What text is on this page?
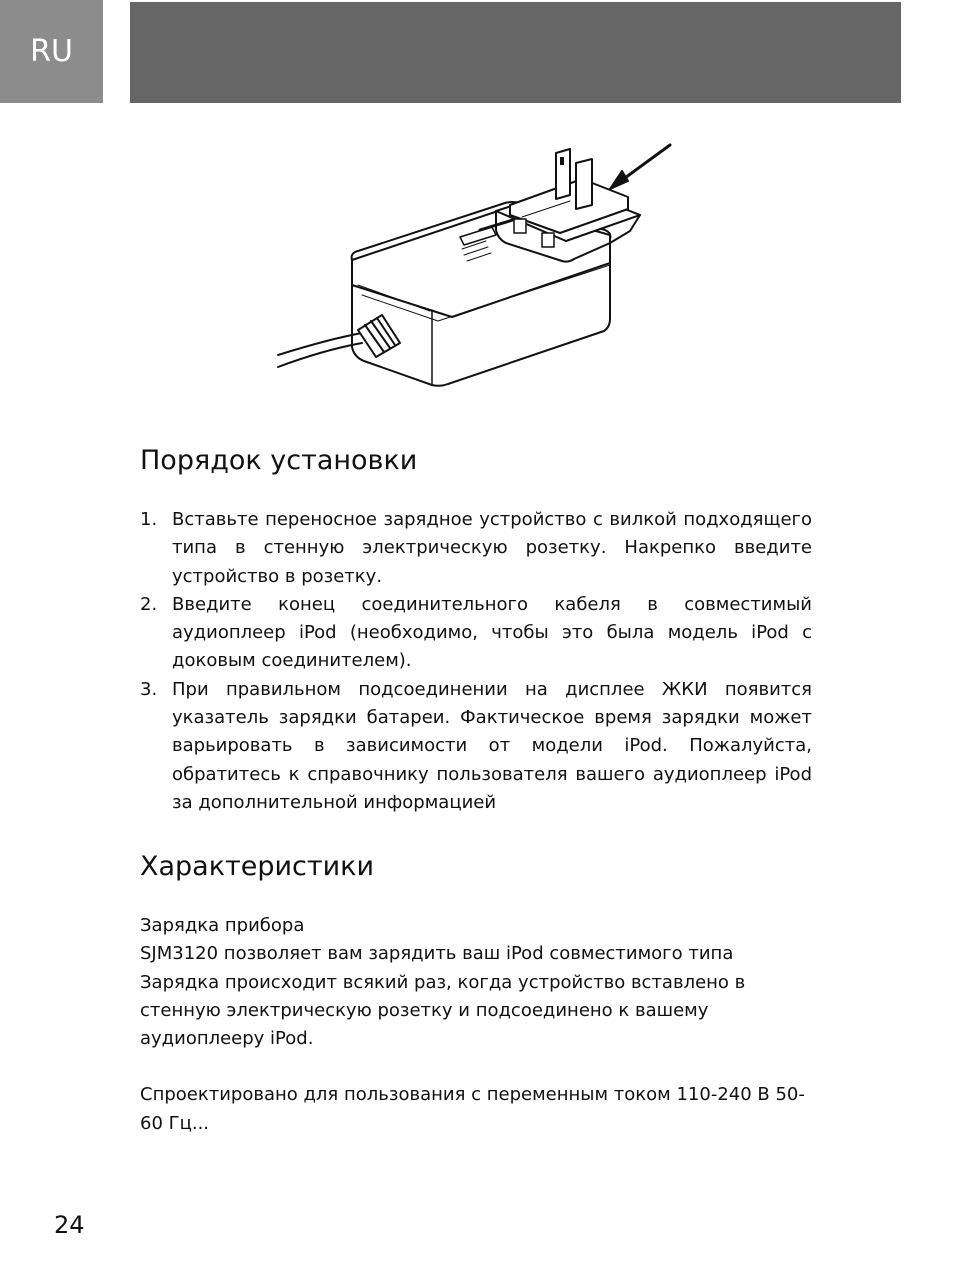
RU
Порядок установки
1. Вставьте переносное зарядное устройство с вилкой подходящего типа в стенную электрическую розетку. Накрепко введите устройство в розетку.
2. Введите конец соединительного кабеля в совместимый аудиоплеер iPod (необходимо, чтобы это была модель iPod с доковым соединителем).
3. При правильном подсоединении на дисплее ЖКИ появится указатель зарядки батареи. Фактическое время зарядки может варьировать в зависимости от модели iPod. Пожалуйста, обратитесь к справочнику пользователя вашего аудиоплеер iPod за дополнительной информацией
Характеристики

Зарядка прибора

SJM3120 позволяет вам зарядить ваш iPod совместимого типа

Зарядка происходит всякий раз, когда устройство вставлено в стенную электрическую розетку и подсоединено к вашему аудиоплееру iPod.

Спроектировано для пользования с переменным током 110-240 В 50-60 Гц...

24
